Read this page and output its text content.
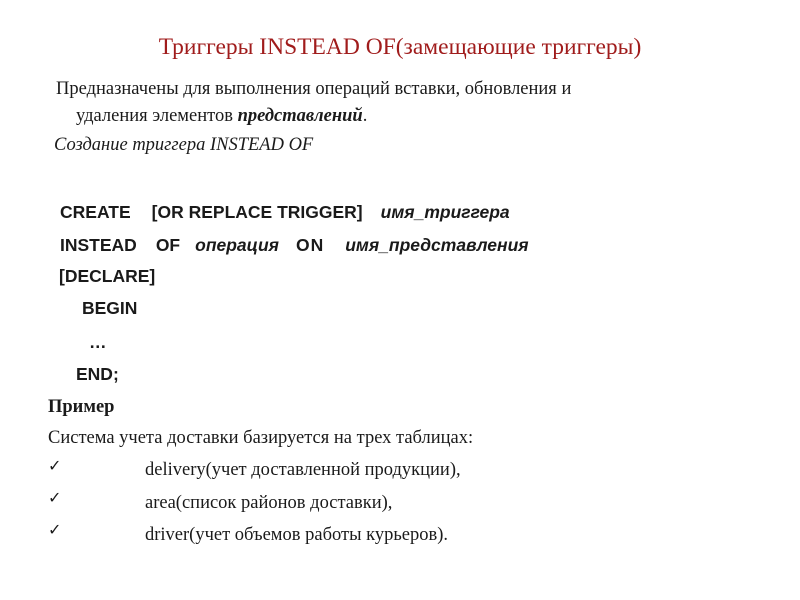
Триггеры INSTEAD OF(замещающие триггеры)
Предназначены для выполнения операций вставки, обновления и
удаления элементов представлений.
Создание триггера INSTEAD OF
CREATE [OR REPLACE TRIGGER] имя_триггера
INSTEAD OF операция ON имя_представления
[DECLARE]
BEGIN
…
END;
Пример
Система учета доставки базируется на трех таблицах:
✓	delivery(учет доставленной продукции),
✓	area(список районов доставки),
✓	driver(учет объемов работы курьеров).
